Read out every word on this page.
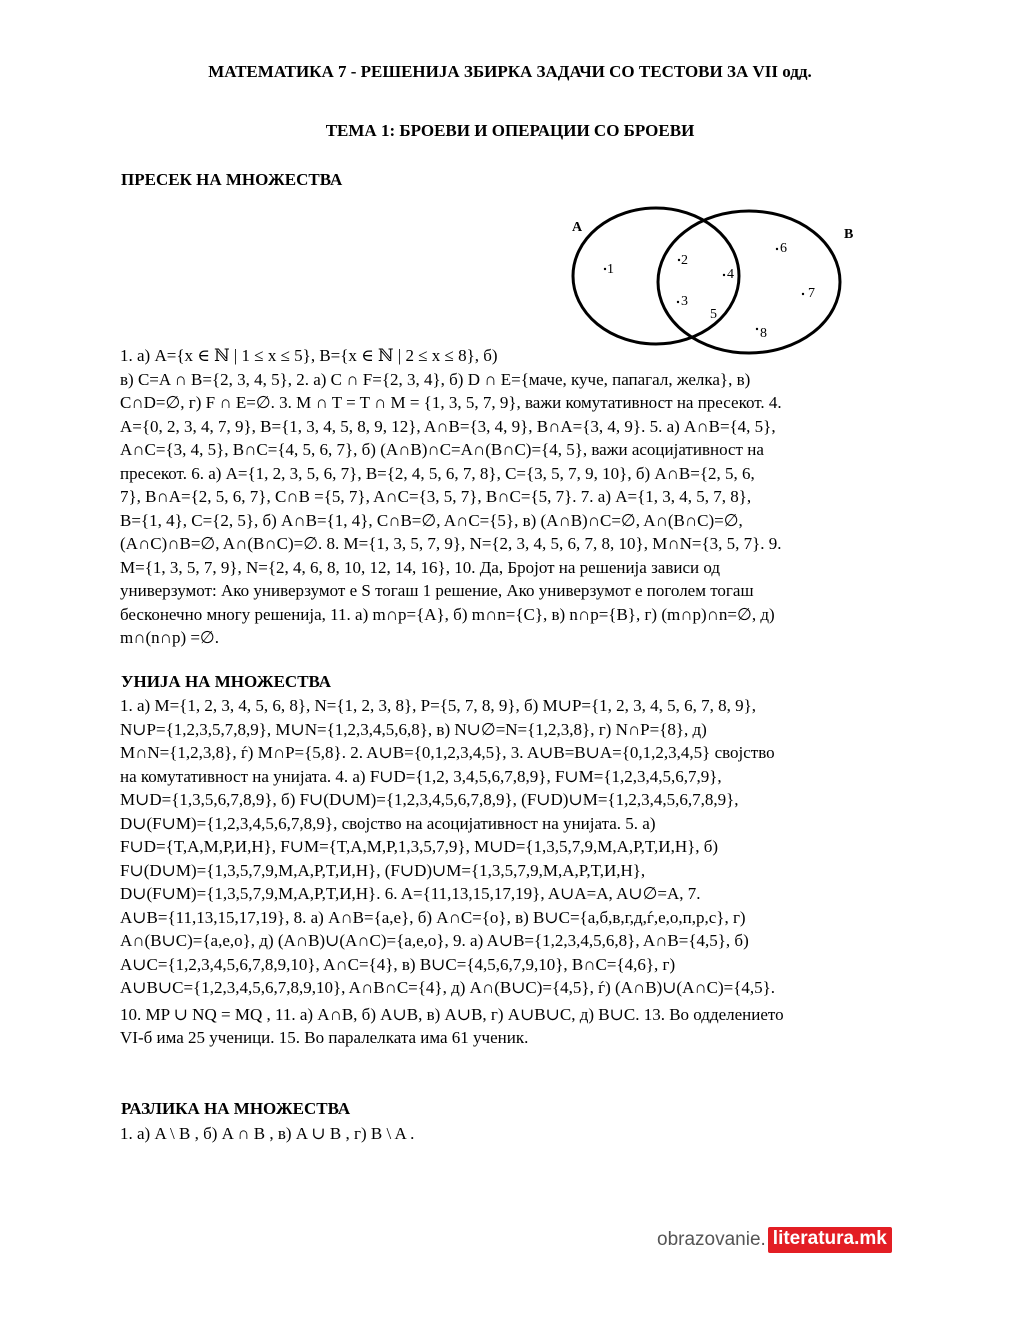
МАТЕМАТИКА 7 - РЕШЕНИЈА ЗБИРКА ЗАДАЧИ СО ТЕСТОВИ ЗА VII одд.
ТЕМА 1: БРОЕВИ И ОПЕРАЦИИ СО БРОЕВИ
ПРЕСЕК НА МНОЖЕСТВА
A	B
1
2
4
3
5
6
7
8
1. а) A={x ∈ ℕ | 1 ≤ x ≤ 5}, B={x ∈ ℕ | 2 ≤ x ≤ 8}, б)
в) C=A ∩ B={2, 3, 4, 5}, 2. а) C ∩ F={2, 3, 4}, б) D ∩ E={маче, куче, папагал, желка}, в)
C∩D=∅, г) F ∩ E=∅. 3. M ∩ T = T ∩ M = {1, 3, 5, 7, 9}, важи комутативност на пресекот. 4.
A={0, 2, 3, 4, 7, 9}, B={1, 3, 4, 5, 8, 9, 12}, A∩B={3, 4, 9}, B∩A={3, 4, 9}. 5. а) A∩B={4, 5},
A∩C={3, 4, 5}, B∩C={4, 5, 6, 7}, б) (A∩B)∩C=A∩(B∩C)={4, 5}, важи асоцијативност на
пресекот. 6. а) A={1, 2, 3, 5, 6, 7}, B={2, 4, 5, 6, 7, 8}, C={3, 5, 7, 9, 10}, б) A∩B={2, 5, 6,
7}, B∩A={2, 5, 6, 7}, C∩B ={5, 7}, A∩C={3, 5, 7}, B∩C={5, 7}. 7. а) A={1, 3, 4, 5, 7, 8},
B={1, 4}, C={2, 5}, б) A∩B={1, 4}, C∩B=∅, A∩C={5}, в) (A∩B)∩C=∅, A∩(B∩C)=∅,
(A∩C)∩B=∅, A∩(B∩C)=∅. 8. M={1, 3, 5, 7, 9}, N={2, 3, 4, 5, 6, 7, 8, 10}, M∩N={3, 5, 7}. 9.
M={1, 3, 5, 7, 9}, N={2, 4, 6, 8, 10, 12, 14, 16}, 10. Да, Бројот на решенија зависи од
универзумот: Ако универзумот е S тогаш 1 решение, Ако универзумот е поголем тогаш
бесконечно многу решенија, 11. а) m∩p={A}, б) m∩n={C}, в) n∩p={B}, г) (m∩p)∩n=∅, д)
m∩(n∩p) =∅.
УНИЈА НА МНОЖЕСТВА
1. а) M={1, 2, 3, 4, 5, 6, 8}, N={1, 2, 3, 8}, P={5, 7, 8, 9}, б) M∪P={1, 2, 3, 4, 5, 6, 7, 8, 9},
N∪P={1,2,3,5,7,8,9}, M∪N={1,2,3,4,5,6,8}, в) N∪∅=N={1,2,3,8}, г) N∩P={8}, д)
M∩N={1,2,3,8}, ѓ) M∩P={5,8}. 2. A∪B={0,1,2,3,4,5}, 3. A∪B=B∪A={0,1,2,3,4,5} својство
на комутативност на унијата. 4. а) F∪D={1,2, 3,4,5,6,7,8,9}, F∪M={1,2,3,4,5,6,7,9},
M∪D={1,3,5,6,7,8,9}, б) F∪(D∪M)={1,2,3,4,5,6,7,8,9}, (F∪D)∪M={1,2,3,4,5,6,7,8,9},
D∪(F∪M)={1,2,3,4,5,6,7,8,9}, својство на асоцијативност на унијата. 5. а)
F∪D={T,A,M,P,И,H}, F∪M={T,A,M,P,1,3,5,7,9}, M∪D={1,3,5,7,9,M,A,P,T,И,H}, б)
F∪(D∪M)={1,3,5,7,9,M,A,P,T,И,H}, (F∪D)∪M={1,3,5,7,9,M,A,P,T,И,H},
D∪(F∪M)={1,3,5,7,9,M,A,P,T,И,H}. 6. A={11,13,15,17,19}, A∪A=A, A∪∅=A, 7.
A∪B={11,13,15,17,19}, 8. а) A∩B={a,e}, б) A∩C={o}, в) B∪C={a,б,в,г,д,ѓ,е,о,п,р,с}, г)
A∩(B∪C)={a,e,o}, д) (A∩B)∪(A∩C)={a,e,o}, 9. а) A∪B={1,2,3,4,5,6,8}, A∩B={4,5}, б)
A∪C={1,2,3,4,5,6,7,8,9,10}, A∩C={4}, в) B∪C={4,5,6,7,9,10}, B∩C={4,6}, г)
A∪B∪C={1,2,3,4,5,6,7,8,9,10}, A∩B∩C={4}, д) A∩(B∪C)={4,5}, ѓ) (A∩B)∪(A∩C)={4,5}.
10. MP ∪ NQ = MQ , 11. а) A∩B, б) A∪B, в) A∪B, г) A∪B∪C, д) B∪C. 13. Во одделението
VI-б има 25 ученици. 15. Во паралелката има 61 ученик.
РАЗЛИКА НА МНОЖЕСТВА
1. а) A \ B , б) A ∩ B , в) A ∪ B , г) B \ A .
obrazovanie. literatura.mk
